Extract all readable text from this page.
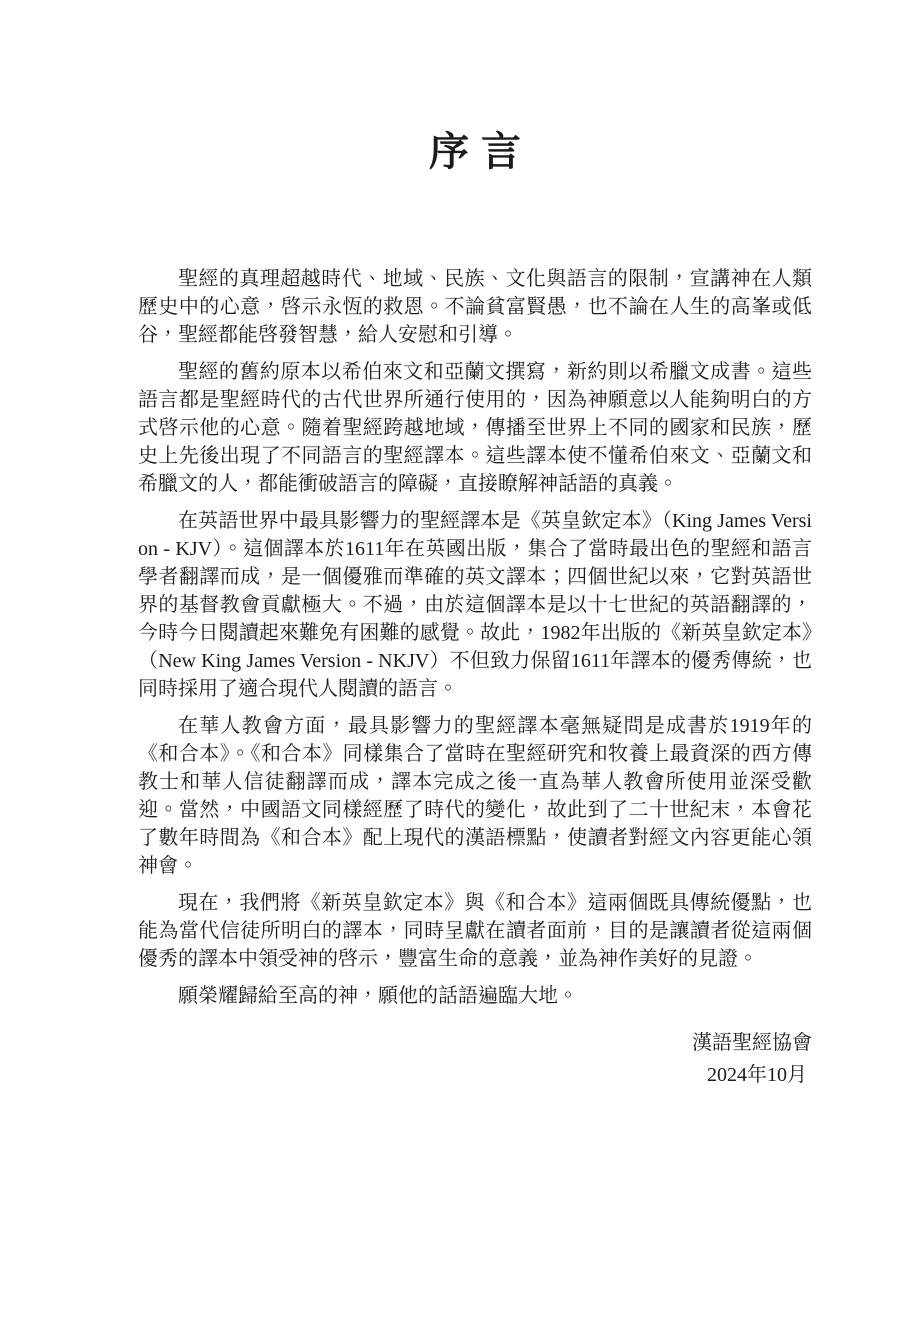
序言

聖經的真理超越時代、地域、民族、文化與語言的限制，宣講神在人類歷史中的心意，啓示永恆的救恩。不論貧富賢愚，也不論在人生的高峯或低谷，聖經都能啓發智慧，給人安慰和引導。

聖經的舊約原本以希伯來文和亞蘭文撰寫，新約則以希臘文成書。這些語言都是聖經時代的古代世界所通行使用的，因為神願意以人能夠明白的方式啓示他的心意。隨着聖經跨越地域，傳播至世界上不同的國家和民族，歷史上先後出現了不同語言的聖經譯本。這些譯本使不懂希伯來文、亞蘭文和希臘文的人，都能衝破語言的障礙，直接瞭解神話語的真義。

在英語世界中最具影響力的聖經譯本是《英皇欽定本》（King James Version - KJV）。這個譯本於1611年在英國出版，集合了當時最出色的聖經和語言學者翻譯而成，是一個優雅而準確的英文譯本；四個世紀以來，它對英語世界的基督教會貢獻極大。不過，由於這個譯本是以十七世紀的英語翻譯的，今時今日閱讀起來難免有困難的感覺。故此，1982年出版的《新英皇欽定本》（New King James Version - NKJV）不但致力保留1611年譯本的優秀傳統，也同時採用了適合現代人閱讀的語言。

在華人教會方面，最具影響力的聖經譯本毫無疑問是成書於1919年的《和合本》。《和合本》同樣集合了當時在聖經研究和牧養上最資深的西方傳教士和華人信徒翻譯而成，譯本完成之後一直為華人教會所使用並深受歡迎。當然，中國語文同樣經歷了時代的變化，故此到了二十世紀末，本會花了數年時間為《和合本》配上現代的漢語標點，使讀者對經文內容更能心領神會。

現在，我們將《新英皇欽定本》與《和合本》這兩個既具傳統優點，也能為當代信徒所明白的譯本，同時呈獻在讀者面前，目的是讓讀者從這兩個優秀的譯本中領受神的啓示，豐富生命的意義，並為神作美好的見證。

願榮耀歸給至高的神，願他的話語遍臨大地。

漢語聖經協會
2024年10月
